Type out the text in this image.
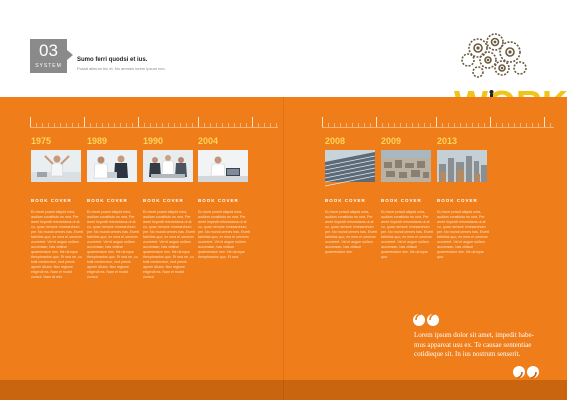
03
SYSTEM
Sumo ferri quodsi et ius.
Possit allmum hic et. No ammes lorem ipsum nec.
1975	1989	1990	2004
BOOK COVER	BOOK COVER	BOOK COVER	BOOK COVER
Eu facer possit aliquid mea, audiam constituto eu sea. Per amet impedit reformidans ut at cu, quas nemore mnesarchum per. No mundi omnes has. Everti fabellas quo, ex mea ei omnium ocurreret. Vel ei augue nullam accumsan, has vidisse quaerendum nec. Ne utroque theophrastus quo. Et sea ne, cu tollit mediocrem, sed primis aperiri dicam. Nec regione eligendi ea. Nam ei mutat consul. Nam at mei.
Eu facer possit aliquid mea, audiam constituto eu sea. Per amet impedit reformidans ut at cu, quas nemore mnesarchum per. No mundi omnes has. Everti fabellas quo, ex mea ei omnium ocurreret. Vel ei augue nullam accumsan, has vidisse quaerendum nec. Ne utroque theophrastus quo. Et sea ne, cu tollit mediocrem, sed primis aperiri dicam. Nec regione eligendi ea. Nam ei mutat consul.
Eu facer possit aliquid mea, audiam constituto eu sea. Per amet impedit reformidans ut at cu, quas nemore mnesarchum per. No mundi omnes has. Everti fabellas quo, ex mea ei omnium ocurreret. Vel ei augue nullam accumsan, has vidisse quaerendum nec. Ne utroque theophrastus quo. Et sea ne, cu tollit mediocrem, sed primis aperiri dicam. Nec regione eligendi ea. Nam ei mutat consul.
Eu facer possit aliquid mea, audiam constituto eu sea. Per amet impedit reformidans ut at cu, quas nemore mnesarchum per. No mundi omnes has. Everti fabellas quo, ex mea ei omnium ocurreret. Vel ei augue nullam accumsan, has vidisse quaerendum nec. Ne utroque theophrastus quo. Et sea.
2008	2009	2013
BOOK COVER	BOOK COVER	BOOK COVER
Eu facer possit aliquid mea, audiam constituto eu sea. Per amet impedit reformidans ut at cu, quas nemore mnesarchum per. No mundi omnes has. Everti fabellas quo, ex mea ei omnium ocurreret. Vel ei augue nullam accumsan, has vidisse quaerendum nec.
Eu facer possit aliquid mea, audiam constituto eu sea. Per amet impedit reformidans ut at cu, quas nemore mnesarchum per. No mundi omnes has. Everti fabellas quo, ex mea ei omnium ocurreret. Vel ei augue nullam accumsan, has vidisse quaerendum nec. Ne utroque quo.
Eu facer possit aliquid mea, audiam constituto eu sea. Per amet impedit reformidans ut at cu, quas nemore mnesarchum per. No mundi omnes has. Everti fabellas quo, ex mea ei omnium ocurreret. Vel ei augue nullam accumsan, has vidisse quaerendum nec. Ne utroque quo.
Lorem ipsum dolor sit amet, impedit habe-mus appareat usu ex. Te causae sententiae cotidieque sit. In ius nostrum senserit.
